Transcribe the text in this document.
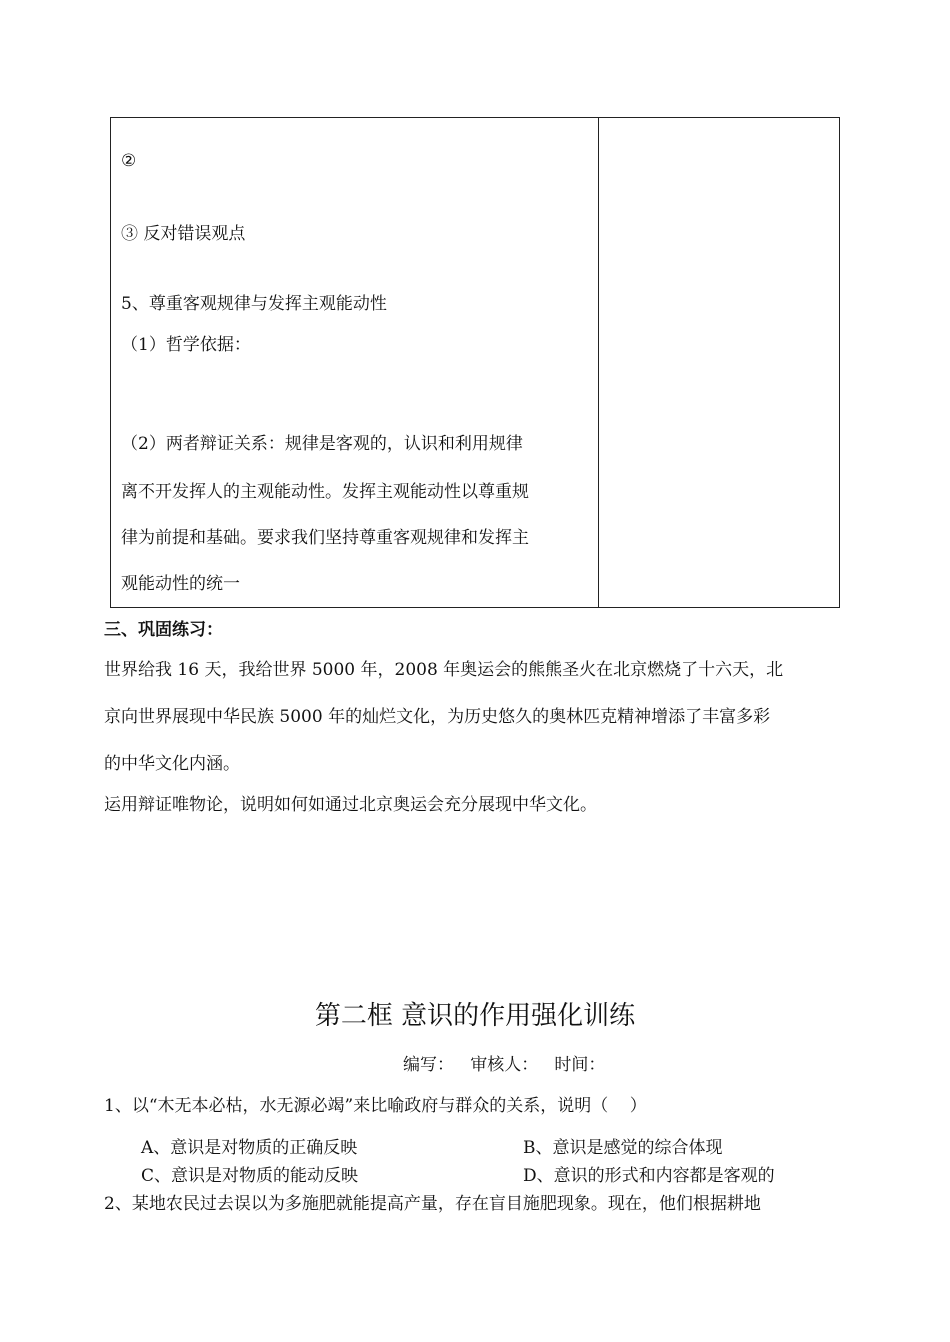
②
③ 反对错误观点
5、尊重客观规律与发挥主观能动性
（1）哲学依据：
（2）两者辩证关系：规律是客观的，认识和利用规律
离不开发挥人的主观能动性。发挥主观能动性以尊重规
律为前提和基础。要求我们坚持尊重客观规律和发挥主
观能动性的统一
三、巩固练习：
世界给我 16 天，我给世界 5000 年，2008 年奥运会的熊熊圣火在北京燃烧了十六天，北
京向世界展现中华民族 5000 年的灿烂文化，为历史悠久的奥林匹克精神增添了丰富多彩
的中华文化内涵。
运用辩证唯物论，说明如何如通过北京奥运会充分展现中华文化。
第二框 意识的作用强化训练
编写：   审核人：   时间：
1、以“木无本必枯，水无源必竭”来比喻政府与群众的关系，说明（    ）
A、意识是对物质的正确反映	B、意识是感觉的综合体现
C、意识是对物质的能动反映	D、意识的形式和内容都是客观的
2、某地农民过去误以为多施肥就能提高产量，存在盲目施肥现象。现在，他们根据耕地
